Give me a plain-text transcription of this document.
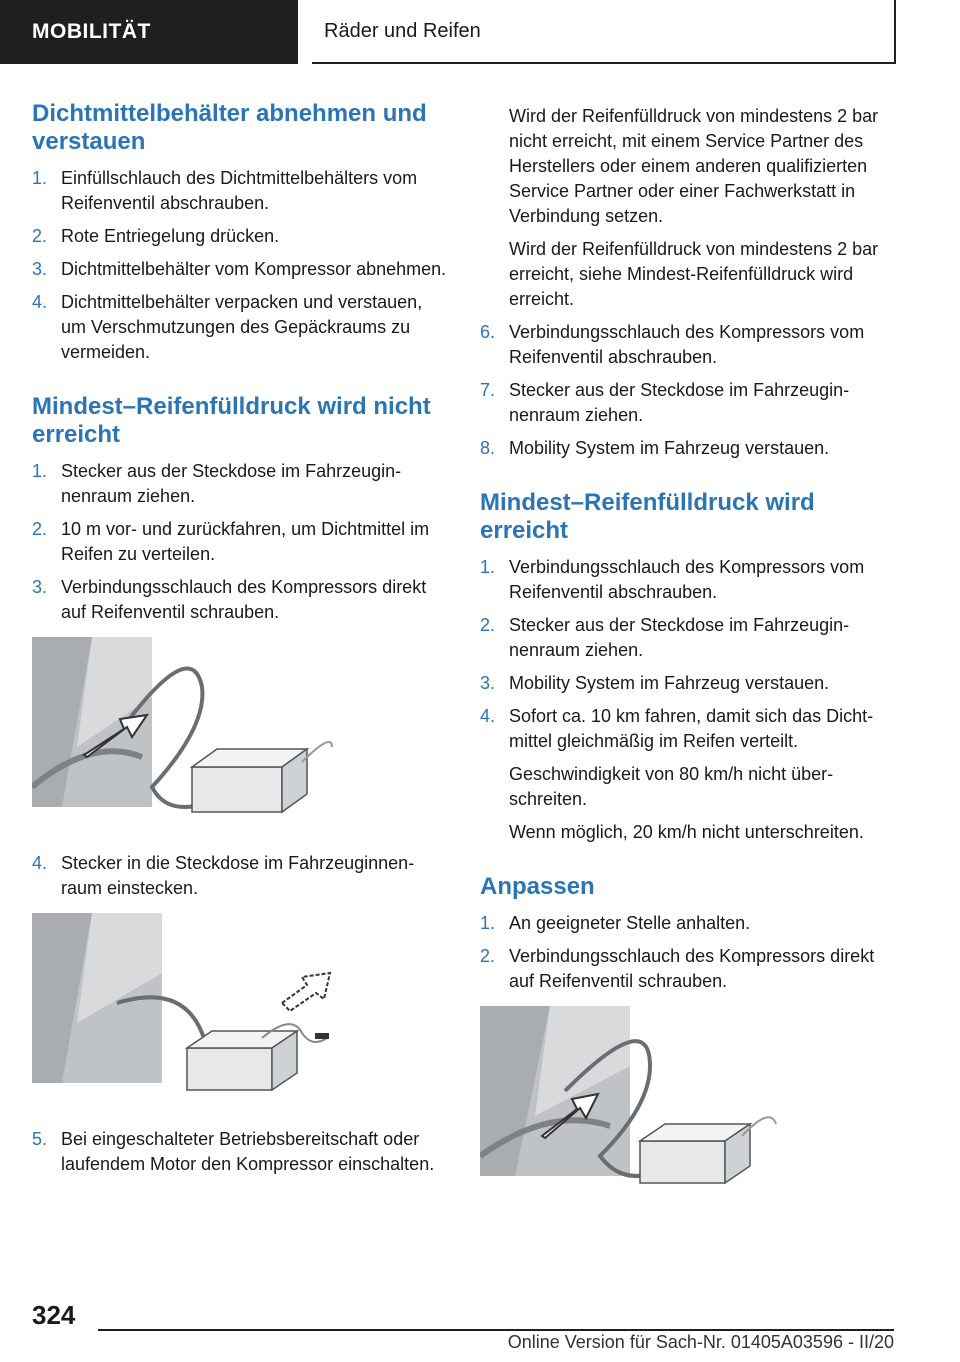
MOBILITÄT	Räder und Reifen
Dichtmittelbehälter abnehmen und verstauen
1. Einfüllschlauch des Dichtmittelbehälters vom Reifenventil abschrauben.
2. Rote Entriegelung drücken.
3. Dichtmittelbehälter vom Kompressor abnehmen.
4. Dichtmittelbehälter verpacken und verstauen, um Verschmutzungen des Gepäckraums zu vermeiden.
Mindest–Reifenfülldruck wird nicht erreicht
1. Stecker aus der Steckdose im Fahrzeuginnenraum ziehen.
2. 10 m vor- und zurückfahren, um Dichtmittel im Reifen zu verteilen.
3. Verbindungsschlauch des Kompressors direkt auf Reifenventil schrauben.
4. Stecker in die Steckdose im Fahrzeuginnenraum einstecken.
5. Bei eingeschalteter Betriebsbereitschaft oder laufendem Motor den Kompressor einschalten.

Wird der Reifenfülldruck von mindestens 2 bar nicht erreicht, mit einem Service Partner des Herstellers oder einem anderen qualifizierten Service Partner oder einer Fachwerkstatt in Verbindung setzen.

Wird der Reifenfülldruck von mindestens 2 bar erreicht, siehe Mindest-Reifenfülldruck wird erreicht.

6. Verbindungsschlauch des Kompressors vom Reifenventil abschrauben.
7. Stecker aus der Steckdose im Fahrzeuginnenraum ziehen.
8. Mobility System im Fahrzeug verstauen.
Mindest–Reifenfülldruck wird erreicht
1. Verbindungsschlauch des Kompressors vom Reifenventil abschrauben.
2. Stecker aus der Steckdose im Fahrzeuginnenraum ziehen.
3. Mobility System im Fahrzeug verstauen.
4. Sofort ca. 10 km fahren, damit sich das Dichtmittel gleichmäßig im Reifen verteilt.
Geschwindigkeit von 80 km/h nicht überschreiten.
Wenn möglich, 20 km/h nicht unterschreiten.
Anpassen
1. An geeigneter Stelle anhalten.
2. Verbindungsschlauch des Kompressors direkt auf Reifenventil schrauben.
324
Online Version für Sach-Nr. 01405A03596 - II/20
